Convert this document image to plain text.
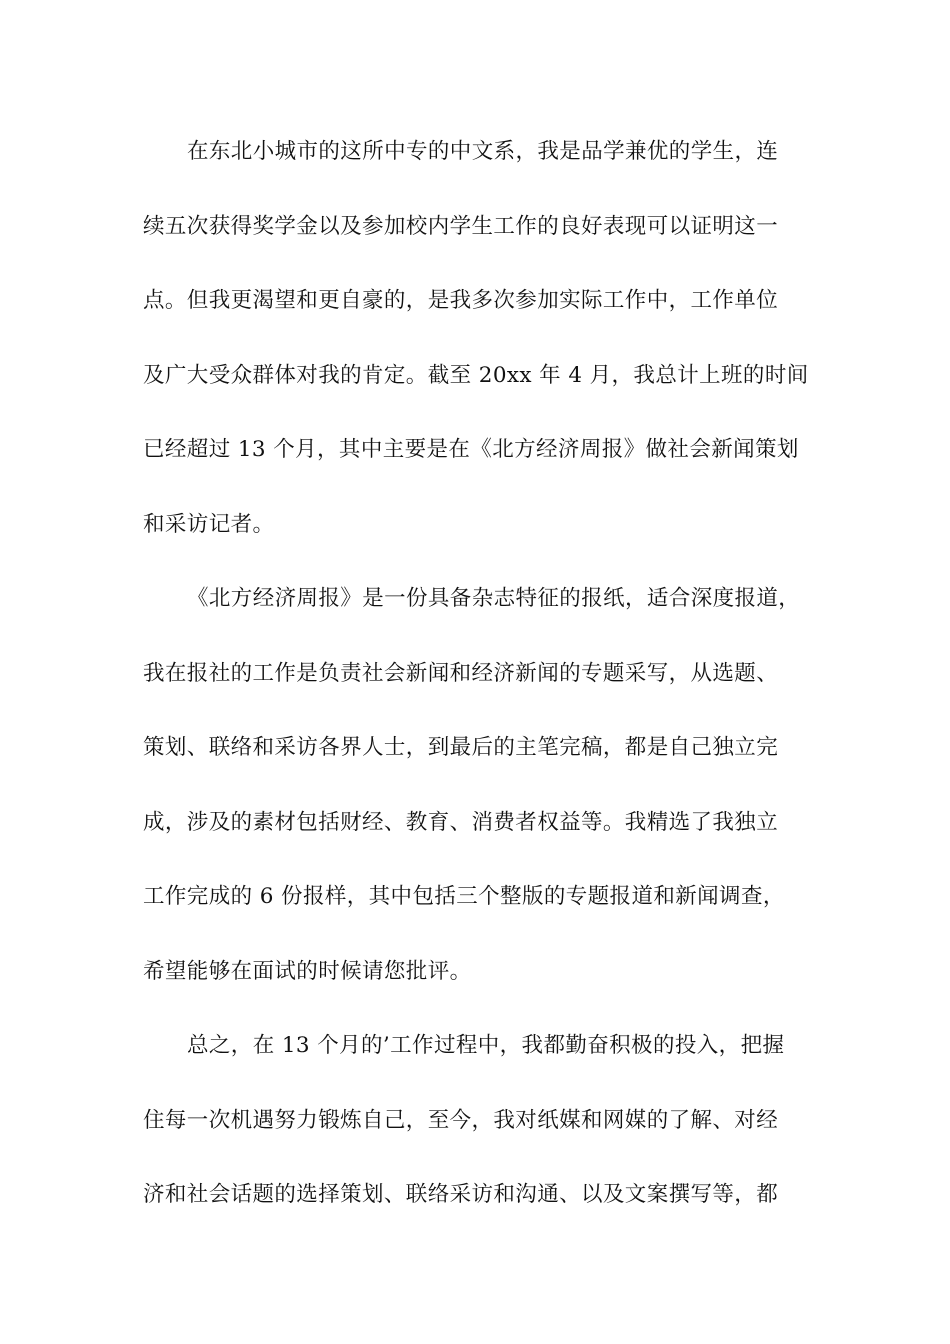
在东北小城市的这所中专的中文系，我是品学兼优的学生，连
续五次获得奖学金以及参加校内学生工作的良好表现可以证明这一
点。但我更渴望和更自豪的，是我多次参加实际工作中，工作单位
及广大受众群体对我的肯定。截至 20xx 年 4 月，我总计上班的时间
已经超过 13 个月，其中主要是在《北方经济周报》做社会新闻策划
和采访记者。
《北方经济周报》是一份具备杂志特征的报纸，适合深度报道，
我在报社的工作是负责社会新闻和经济新闻的专题采写，从选题、
策划、联络和采访各界人士，到最后的主笔完稿，都是自己独立完
成，涉及的素材包括财经、教育、消费者权益等。我精选了我独立
工作完成的 6 份报样，其中包括三个整版的专题报道和新闻调查，
希望能够在面试的时候请您批评。
总之，在 13 个月的’工作过程中，我都勤奋积极的投入，把握
住每一次机遇努力锻炼自己，至今，我对纸媒和网媒的了解、对经
济和社会话题的选择策划、联络采访和沟通、以及文案撰写等，都
